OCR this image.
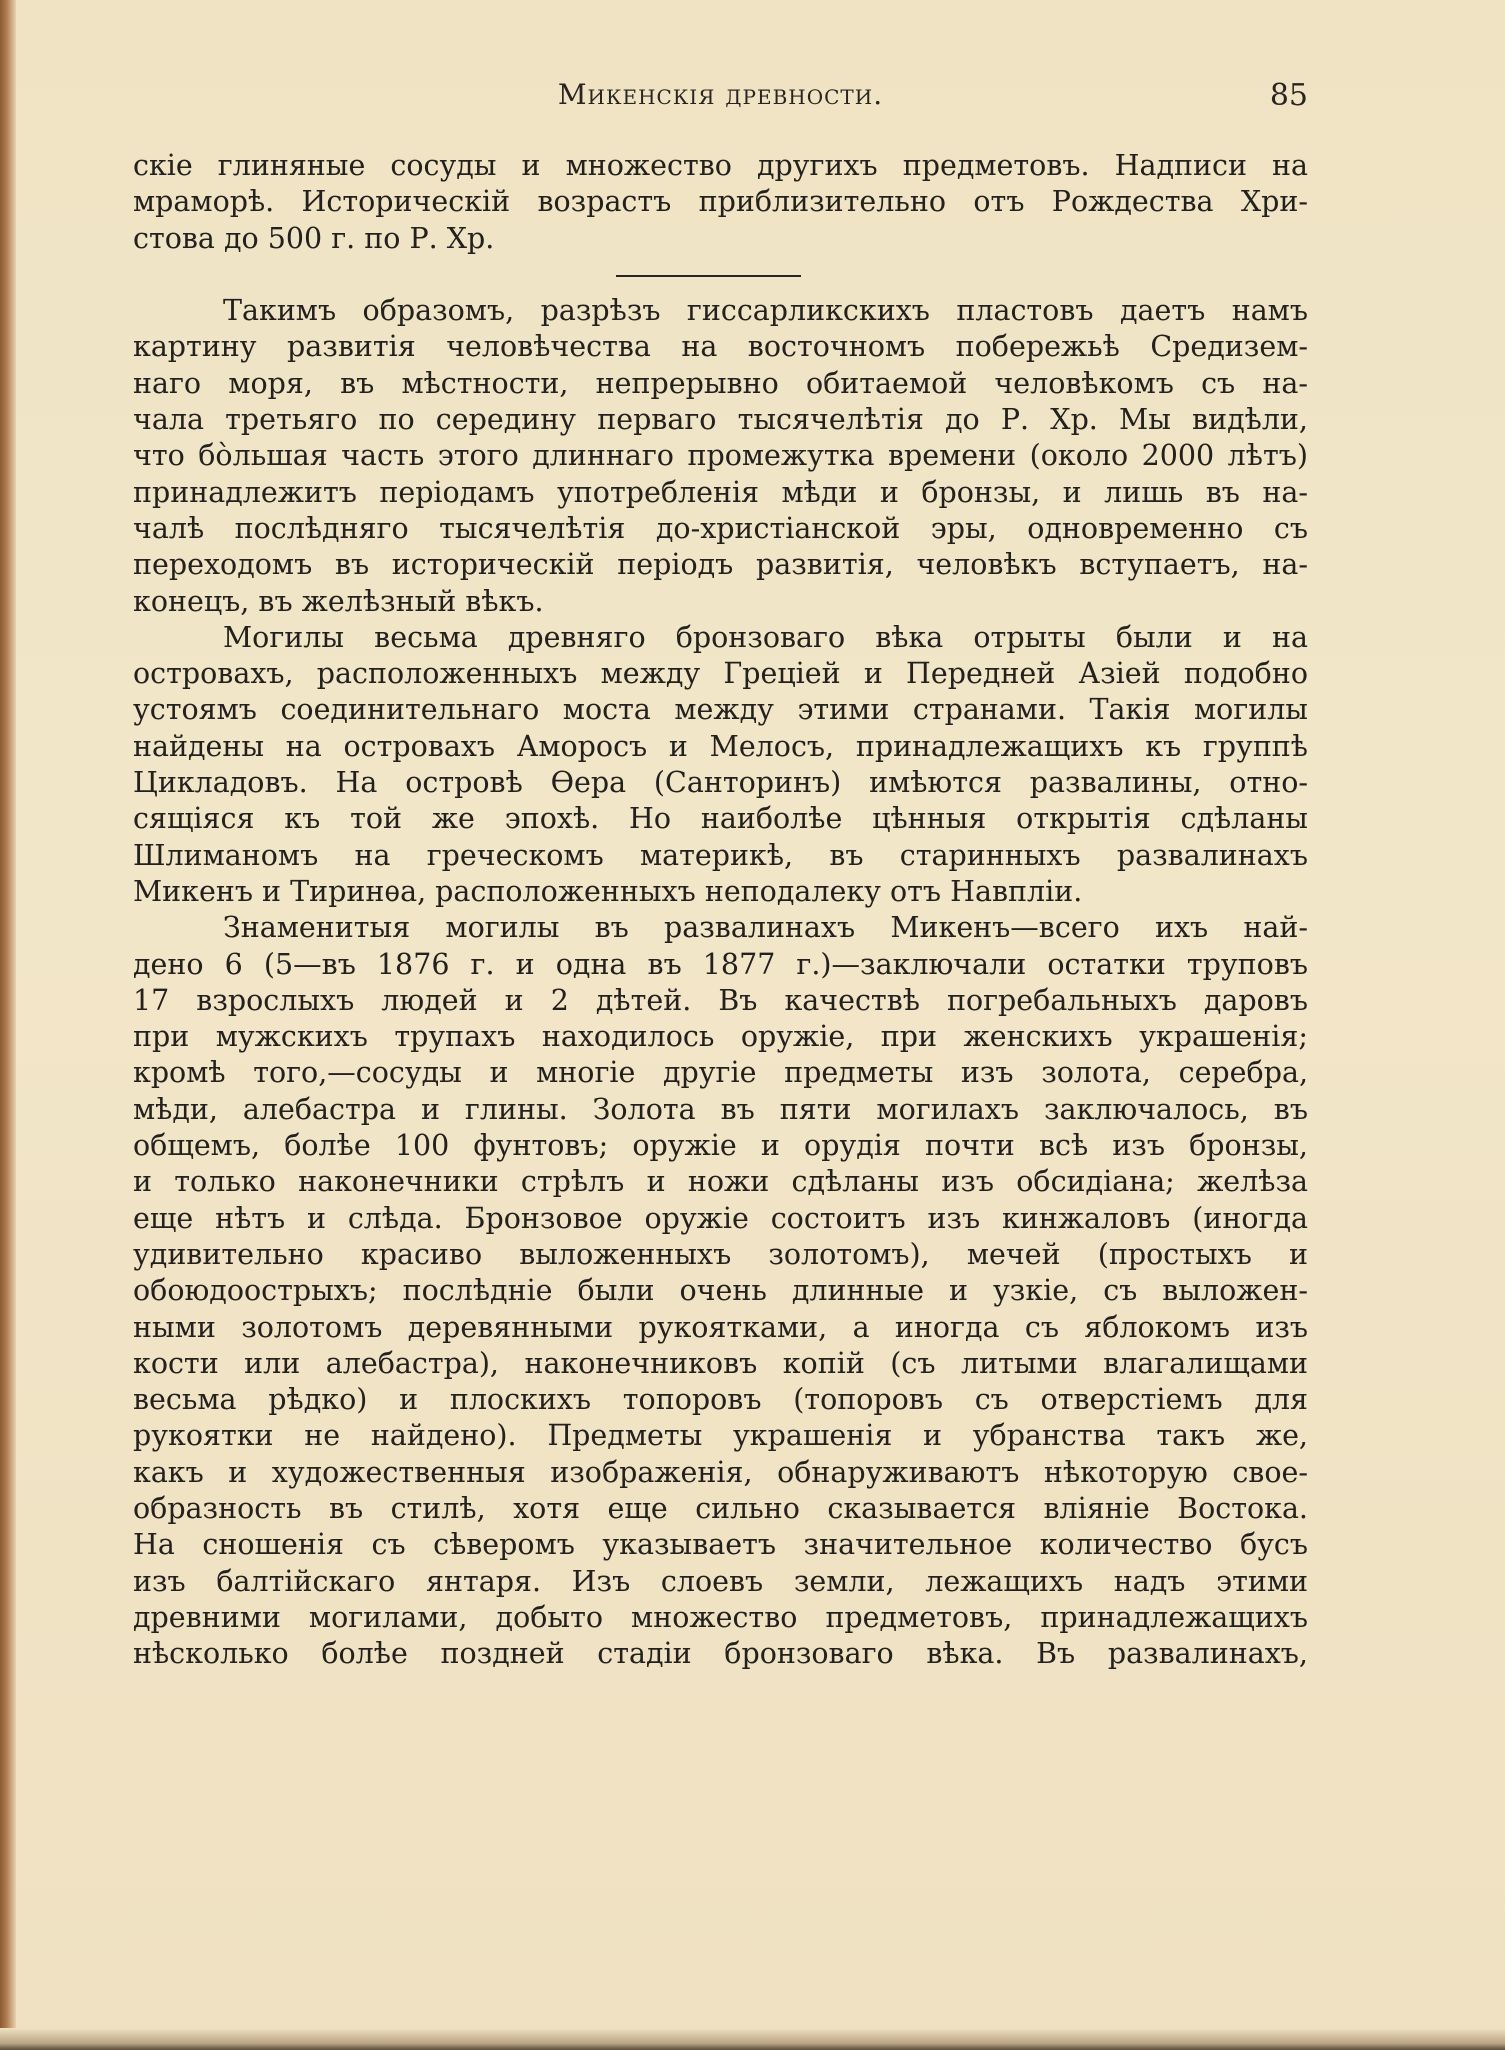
Микенскія древности.	85
скіе глиняные сосуды и множество другихъ предметовъ. Надписи на
мраморѣ. Историческій возрастъ приблизительно отъ Рождества Хри-
стова до 500 г. по Р. Хр.
Такимъ образомъ, разрѣзъ гиссарликскихъ пластовъ даетъ намъ
картину развитія человѣчества на восточномъ побережьѣ Средизем-
наго моря, въ мѣстности, непрерывно обитаемой человѣкомъ съ на-
чала третьяго по середину перваго тысячелѣтія до Р. Хр. Мы видѣли,
что бо̀льшая часть этого длиннаго промежутка времени (около 2000 лѣтъ)
принадлежитъ періодамъ употребленія мѣди и бронзы, и лишь въ на-
чалѣ послѣдняго тысячелѣтія до-христіанской эры, одновременно съ
переходомъ въ историческій періодъ развитія, человѣкъ вступаетъ, на-
конецъ, въ желѣзный вѣкъ.
Могилы весьма древняго бронзоваго вѣка отрыты были и на
островахъ, расположенныхъ между Греціей и Передней Азіей подобно
устоямъ соединительнаго моста между этими странами. Такія могилы
найдены на островахъ Аморосъ и Мелосъ, принадлежащихъ къ группѣ
Цикладовъ. На островѣ Ѳера (Санторинъ) имѣются развалины, отно-
сящіяся къ той же эпохѣ. Но наиболѣе цѣнныя открытія сдѣланы
Шлиманомъ на греческомъ материкѣ, въ старинныхъ развалинахъ
Микенъ и Тиринѳа, расположенныхъ неподалеку отъ Навпліи.
Знаменитыя могилы въ развалинахъ Микенъ—всего ихъ най-
дено 6 (5—въ 1876 г. и одна въ 1877 г.)—заключали остатки труповъ
17 взрослыхъ людей и 2 дѣтей. Въ качествѣ погребальныхъ даровъ
при мужскихъ трупахъ находилось оружіе, при женскихъ украшенія;
кромѣ того,—сосуды и многіе другіе предметы изъ золота, серебра,
мѣди, алебастра и глины. Золота въ пяти могилахъ заключалось, въ
общемъ, болѣе 100 фунтовъ; оружіе и орудія почти всѣ изъ бронзы,
и только наконечники стрѣлъ и ножи сдѣланы изъ обсидіана; желѣза
еще нѣтъ и слѣда. Бронзовое оружіе состоитъ изъ кинжаловъ (иногда
удивительно красиво выложенныхъ золотомъ), мечей (простыхъ и
обоюдоострыхъ; послѣдніе были очень длинные и узкіе, съ выложен-
ными золотомъ деревянными рукоятками, а иногда съ яблокомъ изъ
кости или алебастра), наконечниковъ копій (съ литыми влагалищами
весьма рѣдко) и плоскихъ топоровъ (топоровъ съ отверстіемъ для
рукоятки не найдено). Предметы украшенія и убранства такъ же,
какъ и художественныя изображенія, обнаруживаютъ нѣкоторую свое-
образность въ стилѣ, хотя еще сильно сказывается вліяніе Востока.
На сношенія съ сѣверомъ указываетъ значительное количество бусъ
изъ балтійскаго янтаря. Изъ слоевъ земли, лежащихъ надъ этими
древними могилами, добыто множество предметовъ, принадлежащихъ
нѣсколько болѣе поздней стадіи бронзоваго вѣка. Въ развалинахъ,
